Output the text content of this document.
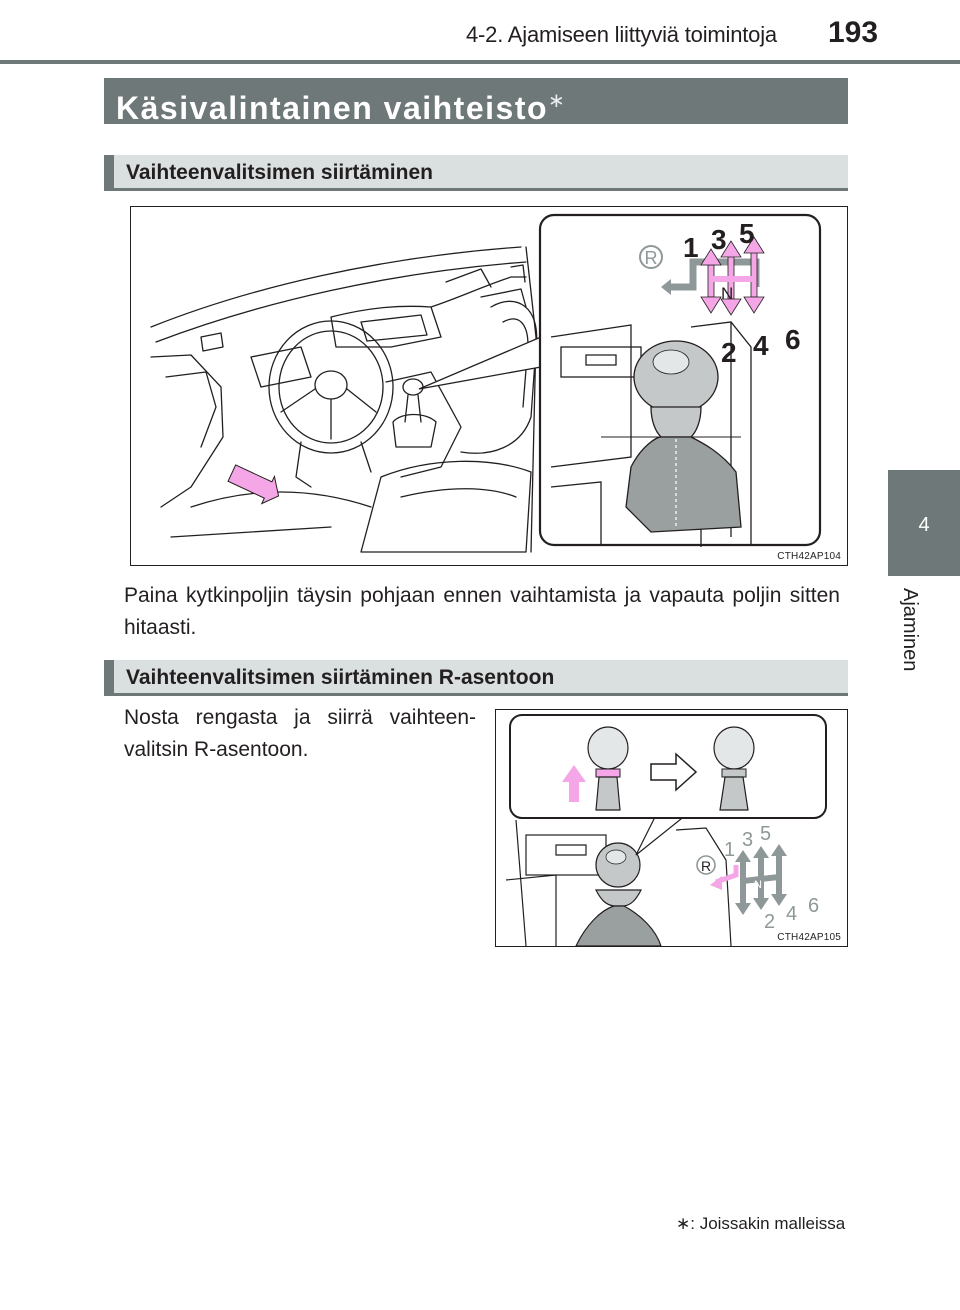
4-2. Ajamiseen liittyviä toimintoja 193
4
Ajaminen
Käsivalintainen vaihteisto∗
Vaihteenvalitsimen siirtäminen
R 1 3 5
N
2 4 6
CTH42AP104
Paina kytkinpoljin täysin pohjaan ennen vaihtamista ja vapauta poljin sitten hitaasti.
Vaihteenvalitsimen siirtäminen R-asentoon
Nosta rengasta ja siirrä vaihteen-valitsin R-asentoon.
R
1 3 5
N
2 4 6
CTH42AP105
∗: Joissakin malleissa
